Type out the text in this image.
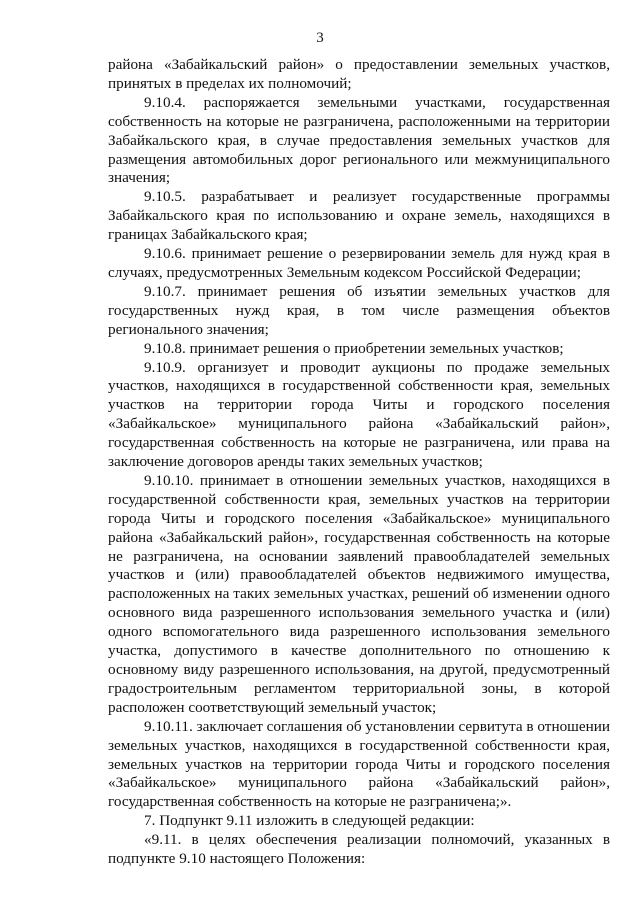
3

района «Забайкальский район» о предоставлении земельных участков, принятых в пределах их полномочий;

9.10.4. распоряжается земельными участками, государственная собственность на которые не разграничена, расположенными на территории Забайкальского края, в случае предоставления земельных участков для размещения автомобильных дорог регионального или межмуниципального значения;

9.10.5. разрабатывает и реализует государственные программы Забайкальского края по использованию и охране земель, находящихся в границах Забайкальского края;

9.10.6. принимает решение о резервировании земель для нужд края в случаях, предусмотренных Земельным кодексом Российской Федерации;

9.10.7. принимает решения об изъятии земельных участков для государственных нужд края, в том числе размещения объектов регионального значения;

9.10.8. принимает решения о приобретении земельных участков;

9.10.9. организует и проводит аукционы по продаже земельных участков, находящихся в государственной собственности края, земельных участков на территории города Читы и городского поселения «Забайкальское» муниципального района «Забайкальский район», государственная собственность на которые не разграничена, или права на заключение договоров аренды таких земельных участков;

9.10.10. принимает в отношении земельных участков, находящихся в государственной собственности края, земельных участков на территории города Читы и городского поселения «Забайкальское» муниципального района «Забайкальский район», государственная собственность на которые не разграничена, на основании заявлений правообладателей земельных участков и (или) правообладателей объектов недвижимого имущества, расположенных на таких земельных участках, решений об изменении одного основного вида разрешенного использования земельного участка и (или) одного вспомогательного вида разрешенного использования земельного участка, допустимого в качестве дополнительного по отношению к основному виду разрешенного использования, на другой, предусмотренный градостроительным регламентом территориальной зоны, в которой расположен соответствующий земельный участок;

9.10.11. заключает соглашения об установлении сервитута в отношении земельных участков, находящихся в государственной собственности края, земельных участков на территории города Читы и городского поселения «Забайкальское» муниципального района «Забайкальский район», государственная собственность на которые не разграничена;».

7. Подпункт 9.11 изложить в следующей редакции:

«9.11. в целях обеспечения реализации полномочий, указанных в подпункте 9.10 настоящего Положения:
